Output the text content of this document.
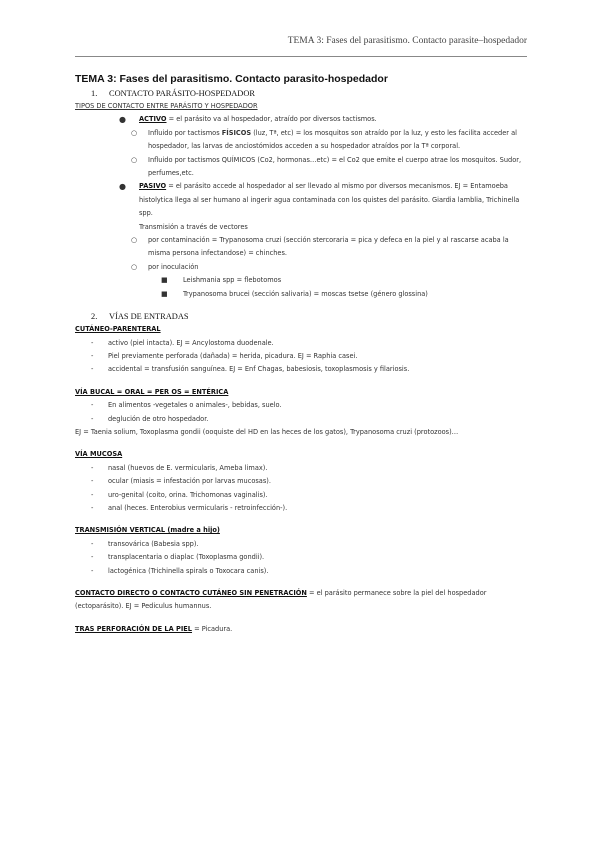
TEMA 3: Fases del parasitismo. Contacto parasite–hospedador
TEMA 3: Fases del parasitismo. Contacto parasito-hospedador
1. CONTACTO PARÁSITO-HOSPEDADOR
TIPOS DE CONTACTO ENTRE PARÁSITO Y HOSPEDADOR
● ACTIVO = el parásito va al hospedador, atraído por diversos tactismos.
○ Influido por tactismos FÍSICOS (luz, Tª, etc) = los mosquitos son atraído por la luz, y esto les facilita acceder al hospedador, las larvas de anciostómidos acceden a su hospedador atraídos por la Tª corporal.
○ Influido por tactismos QUÍMICOS (Co2, hormonas…etc) = el Co2 que emite el cuerpo atrae los mosquitos. Sudor, perfumes,etc.
● PASIVO = el parásito accede al hospedador al ser llevado al mismo por diversos mecanismos. EJ = Entamoeba histolytica llega al ser humano al ingerir agua contaminada con los quistes del parásito. Giardia lamblia, Trichinella spp.
Transmisión a través de vectores
○ por contaminación = Trypanosoma cruzi (sección stercoraria = pica y defeca en la piel y al rascarse acaba la misma persona infectandose) = chinches.
○ por inoculación
■ Leishmania spp = flebotomos
■ Trypanosoma brucei (sección salivaria) = moscas tsetse (género glossina)
2. VÍAS DE ENTRADAS
CUTÁNEO-PARENTERAL
- activo (piel intacta). EJ = Ancylostoma duodenale.
- Piel previamente perforada (dañada) = herida, picadura. EJ = Raphia casei.
- accidental = transfusión sanguínea. EJ = Enf Chagas, babesiosis, toxoplasmosis y filariosis.
VÍA BUCAL = ORAL = PER OS = ENTÉRICA
- En alimentos -vegetales o animales-, bebidas, suelo.
- deglución de otro hospedador.
EJ = Taenia solium, Toxoplasma gondii (ooquiste del HD en las heces de los gatos), Trypanosoma cruzi (protozoos)…
VÍA MUCOSA
- nasal (huevos de E. vermicularis, Ameba limax).
- ocular (miasis = infestación por larvas mucosas).
- uro-genital (coito, orina. Trichomonas vaginalis).
- anal (heces. Enterobius vermicularis - retroinfección-).
TRANSMISIÓN VERTICAL (madre a hijo)
- transovárica (Babesia spp).
- transplacentaria o diaplac (Toxoplasma gondii).
- lactogénica (Trichinella spirals o Toxocara canis).
CONTACTO DIRECTO O CONTACTO CUTÁNEO SIN PENETRACIÓN = el parásito permanece sobre la piel del hospedador (ectoparásito). EJ = Pediculus humannus.
TRAS PERFORACIÓN DE LA PIEL = Picadura.
